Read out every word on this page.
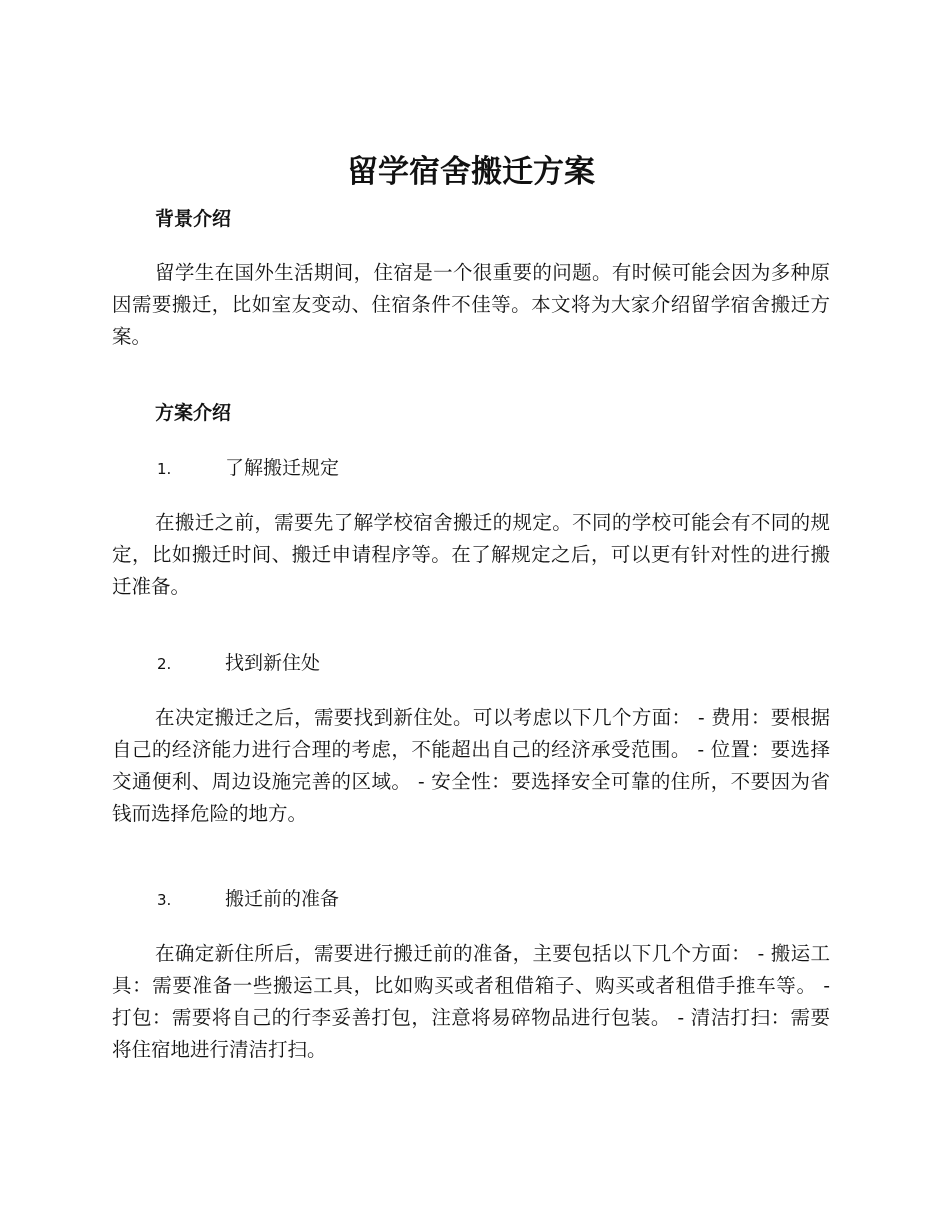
留学宿舍搬迁方案
背景介绍

留学生在国外生活期间，住宿是一个很重要的问题。有时候可能会因为多种原因需要搬迁，比如室友变动、住宿条件不佳等。本文将为大家介绍留学宿舍搬迁方案。

方案介绍
1.	了解搬迁规定

在搬迁之前，需要先了解学校宿舍搬迁的规定。不同的学校可能会有不同的规定，比如搬迁时间、搬迁申请程序等。在了解规定之后，可以更有针对性的进行搬迁准备。

2.	找到新住处

在决定搬迁之后，需要找到新住处。可以考虑以下几个方面： - 费用：要根据自己的经济能力进行合理的考虑，不能超出自己的经济承受范围。 - 位置：要选择交通便利、周边设施完善的区域。 - 安全性：要选择安全可靠的住所，不要因为省钱而选择危险的地方。

3.	搬迁前的准备

在确定新住所后，需要进行搬迁前的准备，主要包括以下几个方面： - 搬运工具：需要准备一些搬运工具，比如购买或者租借箱子、购买或者租借手推车等。 - 打包：需要将自己的行李妥善打包，注意将易碎物品进行包装。 - 清洁打扫：需要将住宿地进行清洁打扫。
